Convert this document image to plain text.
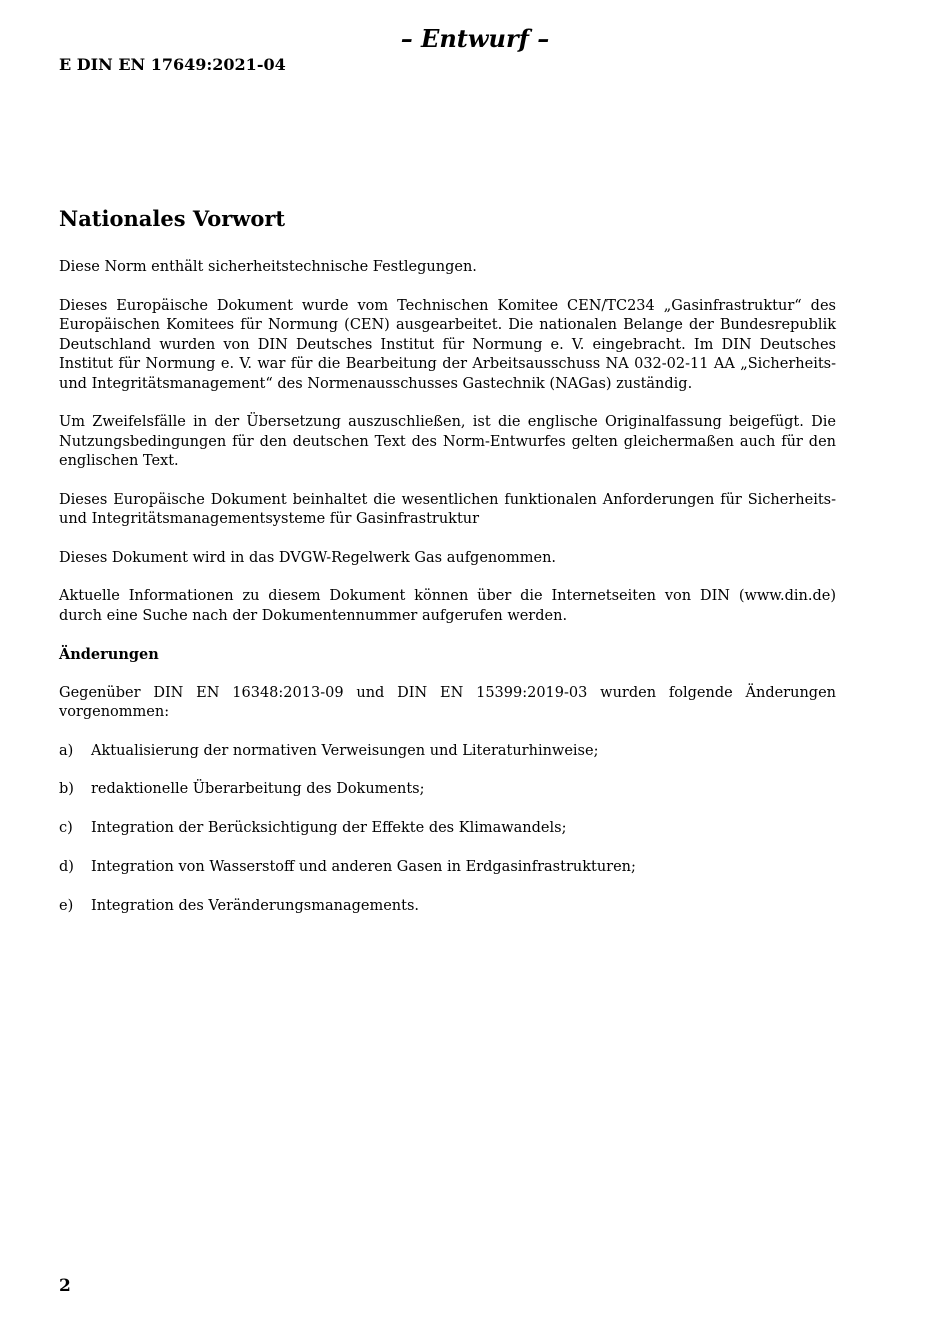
– Entwurf –
E DIN EN 17649:2021-04
Nationales Vorwort

Diese Norm enthält sicherheitstechnische Festlegungen.

Dieses Europäische Dokument wurde vom Technischen Komitee CEN/TC234 „Gasinfrastruktur“ des Europäischen Komitees für Normung (CEN) ausgearbeitet. Die nationalen Belange der Bundesrepublik Deutschland wurden von DIN Deutsches Institut für Normung e. V. eingebracht. Im DIN Deutsches Institut für Normung e. V. war für die Bearbeitung der Arbeitsausschuss NA 032-02-11 AA „Sicherheits- und Integritätsmanagement“ des Normenausschusses Gastechnik (NAGas) zuständig.

Um Zweifelsfälle in der Übersetzung auszuschließen, ist die englische Originalfassung beigefügt. Die Nutzungsbedingungen für den deutschen Text des Norm-Entwurfes gelten gleichermaßen auch für den englischen Text.

Dieses Europäische Dokument beinhaltet die wesentlichen funktionalen Anforderungen für Sicherheits- und Integritätsmanagementsysteme für Gasinfrastruktur

Dieses Dokument wird in das DVGW-Regelwerk Gas aufgenommen.

Aktuelle Informationen zu diesem Dokument können über die Internetseiten von DIN (www.din.de) durch eine Suche nach der Dokumentennummer aufgerufen werden.

Änderungen

Gegenüber DIN EN 16348:2013-09 und DIN EN 15399:2019-03 wurden folgende Änderungen vorgenommen:

a)	Aktualisierung der normativen Verweisungen und Literaturhinweise;
b)	redaktionelle Überarbeitung des Dokuments;
c)	Integration der Berücksichtigung der Effekte des Klimawandels;
d)	Integration von Wasserstoff und anderen Gasen in Erdgasinfrastrukturen;
e)	Integration des Veränderungsmanagements.
2
